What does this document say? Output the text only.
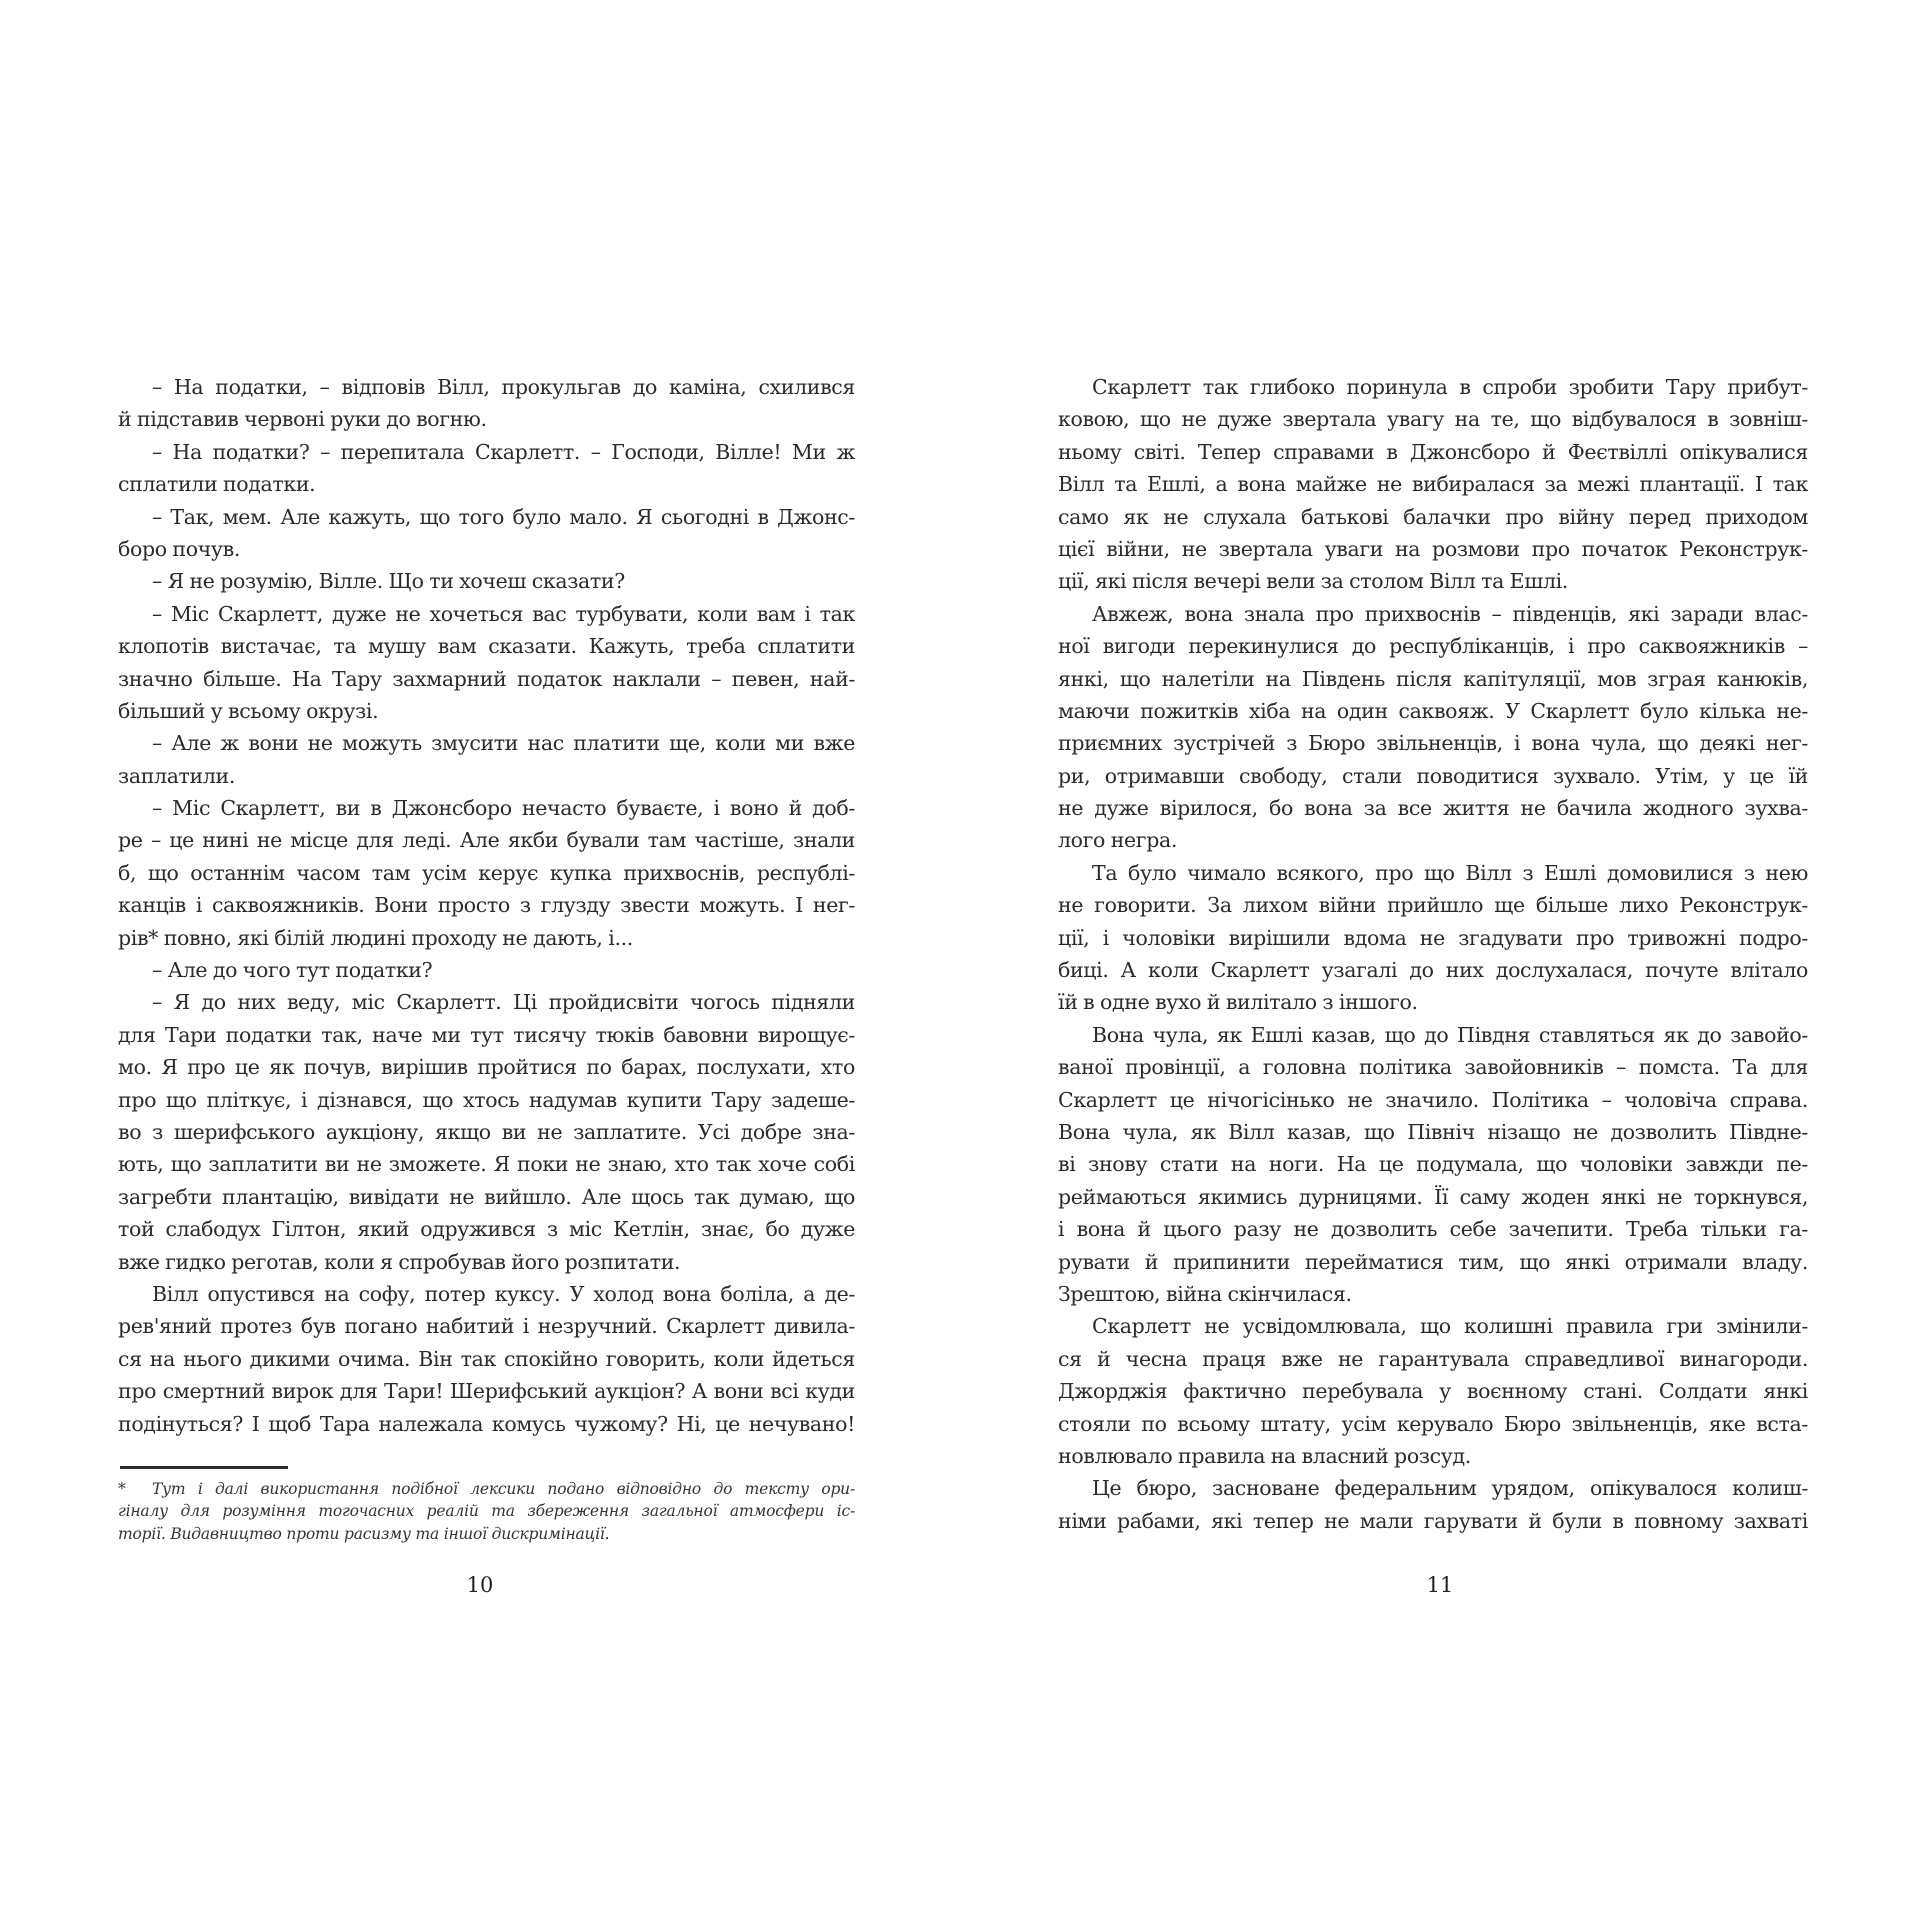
– На податки, – відповів Вілл, прокульгав до каміна, схилився
й підставив червоні руки до вогню.
– На податки? – перепитала Скарлетт. – Господи, Вілле! Ми ж
сплатили податки.
– Так, мем. Але кажуть, що того було мало. Я сьогодні в Джонс-
боро почув.
– Я не розумію, Вілле. Що ти хочеш сказати?
– Міс Скарлетт, дуже не хочеться вас турбувати, коли вам і так
клопотів вистачає, та мушу вам сказати. Кажуть, треба сплатити
значно більше. На Тару захмарний податок наклали – певен, най-
більший у всьому окрузі.
– Але ж вони не можуть змусити нас платити ще, коли ми вже
заплатили.
– Міс Скарлетт, ви в Джонсборо нечасто буваєте, і воно й доб-
ре – це нині не місце для леді. Але якби бували там частіше, знали
б, що останнім часом там усім керує купка прихвоснів, республі-
канців і саквояжників. Вони просто з глузду звести можуть. І нег-
рів* повно, які білій людині проходу не дають, і...
– Але до чого тут податки?
– Я до них веду, міс Скарлетт. Ці пройдисвіти чогось підняли
для Тари податки так, наче ми тут тисячу тюків бавовни вирощує-
мо. Я про це як почув, вирішив пройтися по барах, послухати, хто
про що пліткує, і дізнався, що хтось надумав купити Тару задеше-
во з шерифського аукціону, якщо ви не заплатите. Усі добре зна-
ють, що заплатити ви не зможете. Я поки не знаю, хто так хоче собі
загребти плантацію, вивідати не вийшло. Але щось так думаю, що
той слабодух Гілтон, який одружився з міс Кетлін, знає, бо дуже
вже гидко реготав, коли я спробував його розпитати.
Вілл опустився на софу, потер куксу. У холод вона боліла, а де-
рев'яний протез був погано набитий і незручний. Скарлетт дивила-
ся на нього дикими очима. Він так спокійно говорить, коли йдеться
про смертний вирок для Тари! Шерифський аукціон? А вони всі куди
подінуться? І щоб Тара належала комусь чужому? Ні, це нечувано!
* Тут і далі використання подібної лексики подано відповідно до тексту ори-
гіналу для розуміння тогочасних реалій та збереження загальної атмосфери іс-
торії. Видавництво проти расизму та іншої дискримінації.
10
Скарлетт так глибоко поринула в спроби зробити Тару прибут-
ковою, що не дуже звертала увагу на те, що відбувалося в зовніш-
ньому світі. Тепер справами в Джонсборо й Феєтвіллі опікувалися
Вілл та Ешлі, а вона майже не вибиралася за межі плантації. І так
само як не слухала батькові балачки про війну перед приходом
цієї війни, не звертала уваги на розмови про початок Реконструк-
ції, які після вечері вели за столом Вілл та Ешлі.
Авжеж, вона знала про прихвоснів – південців, які заради влас-
ної вигоди перекинулися до республіканців, і про саквояжників –
янкі, що налетіли на Південь після капітуляції, мов зграя канюків,
маючи пожитків хіба на один саквояж. У Скарлетт було кілька не-
приємних зустрічей з Бюро звільненців, і вона чула, що деякі нег-
ри, отримавши свободу, стали поводитися зухвало. Утім, у це їй
не дуже вірилося, бо вона за все життя не бачила жодного зухва-
лого негра.
Та було чимало всякого, про що Вілл з Ешлі домовилися з нею
не говорити. За лихом війни прийшло ще більше лихо Реконструк-
ції, і чоловіки вирішили вдома не згадувати про тривожні подро-
биці. А коли Скарлетт узагалі до них дослухалася, почуте влітало
їй в одне вухо й вилітало з іншого.
Вона чула, як Ешлі казав, що до Півдня ставляться як до завойо-
ваної провінції, а головна політика завойовників – помста. Та для
Скарлетт це нічогісінько не значило. Політика – чоловіча справа.
Вона чула, як Вілл казав, що Північ нізащо не дозволить Півдне-
ві знову стати на ноги. На це подумала, що чоловіки завжди пе-
реймаються якимись дурницями. Її саму жоден янкі не торкнувся,
і вона й цього разу не дозволить себе зачепити. Треба тільки га-
рувати й припинити перейматися тим, що янкі отримали владу.
Зрештою, війна скінчилася.
Скарлетт не усвідомлювала, що колишні правила гри змінили-
ся й чесна праця вже не гарантувала справедливої винагороди.
Джорджія фактично перебувала у воєнному стані. Солдати янкі
стояли по всьому штату, усім керувало Бюро звільненців, яке вста-
новлювало правила на власний розсуд.
Це бюро, засноване федеральним урядом, опікувалося колиш-
німи рабами, які тепер не мали гарувати й були в повному захваті
11
